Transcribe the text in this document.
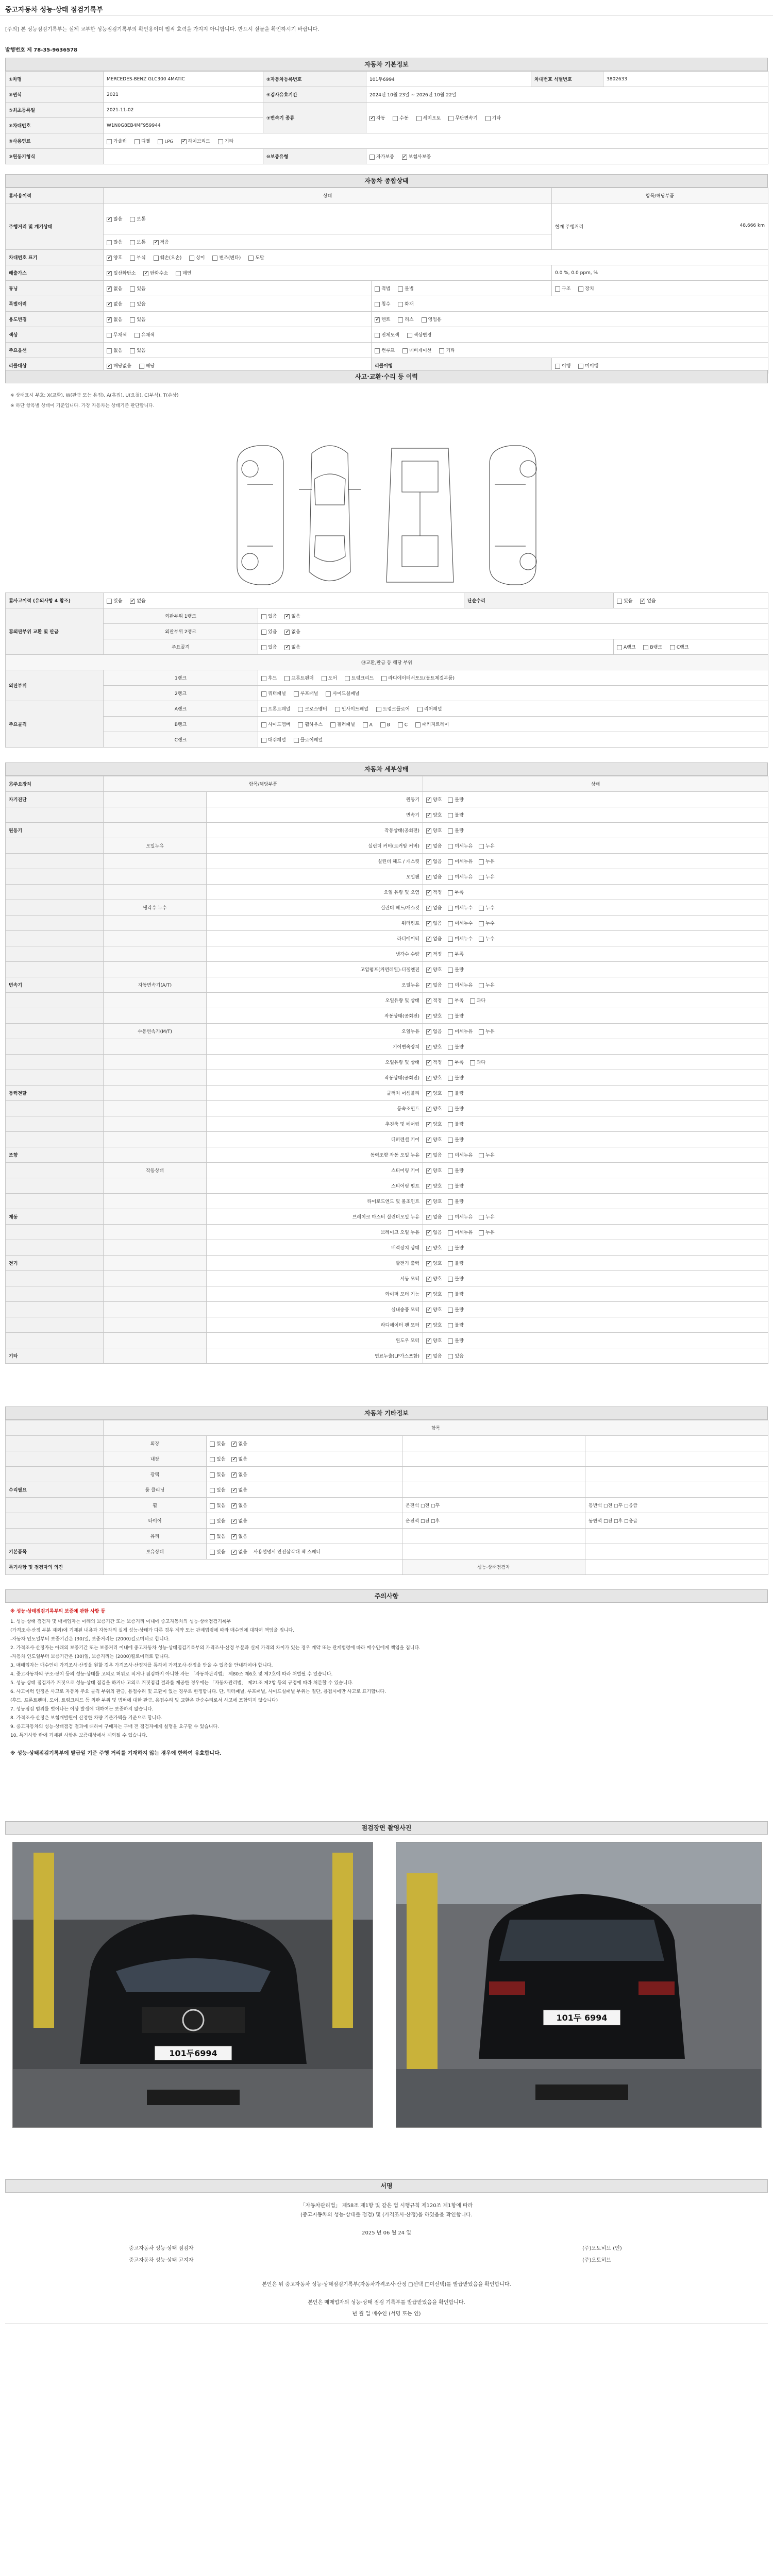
중고자동차 성능·상태 점검기록부
[주의] 본 성능점검기록부는 실제 교부한 성능점검기록부의 확인용이며 법적 효력을 가지지 아니합니다. 반드시 실물을 확인하시기 바랍니다.
발행번호 제 78-35-9636578
자동차 기본정보
①차명	MERCEDES-BENZ GLC300 4MATIC	②자동차등록번호	101두6994	차대번호 식별번호	3802633
③연식	2021	④검사유효기간	2024년 10월 23일 ~ 2026년 10월 22일		
⑤최초등록일	2021-11-02	⑦변속기 종류	✓자동 수동 세미오토 무단변속기 기타
⑥차대번호	W1N0G8EB4MF959944				
⑧사용연료	가솔린 디젤 LPG ✓ 하이브리드 기타
⑨원동기형식		⑩보증유형	자가보증 ✓ 보험사보증
자동차 종합상태
⑪사용이력	상태		항목/해당부품
주행거리 및 계기상태	✓많음 보통		현재 주행거리 48,666 km

	많음 보통 ✓ 적음
차대번호 표기	✓양호 부식 훼손(오손) 상이 변조(변타) 도말
배출가스	✓일산화탄소 ✓ 탄화수소 매연		0.0 %, 0.0 ppm, %
튜닝	✓없음 있음	적법 불법	구조 장치
특별이력	✓없음 있음	침수 화재	
용도변경	✓없음 있음	✓렌트 리스 영업용
색상	무채색 유채색	전체도색 색상변경	
주요옵션	없음 있음	썬루프 네비게이션 기타	
리콜대상	✓해당없음 해당	리콜이행	이행 미이행
사고·교환·수리 등 이력
※ 상태표시 부호: X(교환), W(판금 또는 용접), A(흠집), U(요철), C(부식), T(손상)
※ 하단 항목별 상태이 기준입니다. 가장 자동차는 상태기준 판단합니다.
⑫사고이력 (유의사항 4 참조)	있음 ✓ 없음		단순수리	있음 ✓ 없음
⑬외판부위 교환 및 판금	외판부위 1랭크	있음 ✓ 없음
	외판부위 2랭크	있음 ✓ 없음
	주요골격	있음 ✓ 없음		A랭크 B랭크 C랭크
⑭교환,판금 등 해당 부위				
외판부위	1랭크	후드 프론트펜더 도어 트렁크리드 라디에이터서포트(볼트체결부품)		
	2랭크	쿼터패널 루프패널 사이드실패널		
주요골격	A랭크	프론트패널 크로스멤버 인사이드패널 트렁크플로어 리어패널		
	B랭크	사이드멤버 휠하우스 필러패널 A B C 패키지트레이		
	C랭크	대쉬패널 플로어패널		
자동차 세부상태
⑮주요장치	항목/해당부품		상태
자기진단		원동기	✓양호 불량
		변속기	✓양호 불량
원동기		작동상태(공회전)	✓양호 불량
	오일누유	실린더 커버(로커암 커버)	✓없음 미세누유 누유
		실린더 헤드 / 개스킷	✓없음 미세누유 누유
		오일팬	✓없음 미세누유 누유
		오일 유량 및 오염	✓적정 부족
	냉각수 누수	실린더 헤드/개스킷	✓없음 미세누수 누수
		워터펌프	✓없음 미세누수 누수
		라디에이터	✓없음 미세누수 누수
		냉각수 수량	✓적정 부족
		고압펌프(커먼레일)-디젤엔진	✓양호 불량
변속기	자동변속기(A/T)	오일누유	✓없음 미세누유 누유
		오일유량 및 상태	✓적정 부족 과다
		작동상태(공회전)	✓양호 불량
	수동변속기(M/T)	오일누유	✓없음 미세누유 누유
		기어변속장치	✓양호 불량
		오일유량 및 상태	✓적정 부족 과다
		작동상태(공회전)	✓양호 불량
동력전달		클러치 어셈블리	✓양호 불량
		등속조인트	✓양호 불량
		추진축 및 베어링	✓양호 불량
		디퍼렌셜 기어	✓양호 불량
조향		동력조향 작동 오일 누유	✓없음 미세누유 누유
	작동상태	스티어링 기어	✓양호 불량
		스티어링 펌프	✓양호 불량
		타이로드엔드 및 볼조인트	✓양호 불량
제동		브레이크 마스터 실린더오일 누유	✓없음 미세누유 누유
		브레이크 오일 누유	✓없음 미세누유 누유
		배력장치 상태	✓양호 불량
전기		발전기 출력	✓양호 불량
		시동 모터	✓양호 불량
		와이퍼 모터 기능	✓양호 불량
		실내송풍 모터	✓양호 불량
		라디에이터 팬 모터	✓양호 불량
		윈도우 모터	✓양호 불량
기타		연료누출(LP가스포함)	✓없음 있음
자동차 기타정보
	항목			
	외장	있음 ✓ 없음		
	내장	있음 ✓ 없음		
	광택	있음 ✓ 없음		
수리필요	룸 클리닝	있음 ✓ 없음		
	휠	있음 ✓ 없음	운전석 □전 □후	동반석 □전 □후 □응급
	타이어	있음 ✓ 없음	운전석 □전 □후	동반석 □전 □후 □응급
	유리	있음 ✓ 없음		
기본품목	보유상태	있음 ✓ 없음 사용설명서 안전삼각대 잭 스패너		
특기사항 및 점검자의 의견			성능·상태점검자	
주의사항
※ 성능·상태점검기록부의 보증에 관한 사항 등
1. 성능·상태 점검자 및 매매업자는 아래의 보증기간 또는 보증거리 이내에 중고자동차의 성능·상태점검기록부
(가격조사·산정 부분 제외)에 기재된 내용과 자동차의 실제 성능·상태가 다른 경우 계약 또는 관계법령에 따라 매수인에 대하여 책임을 집니다.
-자동차 인도일부터 보증기간은 (30)일, 보증거리는 (2000)킬로미터로 합니다.
2. 가격조사·산정자는 아래의 보증기간 또는 보증거리 이내에 중고자동차 성능·상태점검기록부의 가격조사·산정 부분과 실제 가격의 차이가 있는 경우 계약 또는 관계법령에 따라 매수인에게 책임을 집니다.
-자동차 인도일부터 보증기간은 (30)일, 보증거리는 (2000)킬로미터로 합니다.
3. 매매업자는 매수인이 가격조사·산정을 원할 경우 가격조사·산정자를 통하여 가격조사·산정을 받을 수 있음을 안내하여야 합니다.
4. 중고자동차의 구조·장치 등의 성능·상태를 고의로 허위로 적거나 점검하지 아니한 자는 「자동차관리법」 제80조 제6호 및 제7호에 따라 처벌될 수 있습니다.
5. 성능·상태 점검자가 거짓으로 성능·상태 점검을 하거나 고의로 거짓점검 결과를 제공한 경우에는 「자동차관리법」 제21조 제2항 등의 규정에 따라 처분할 수 있습니다.
6. 사고이력 인정은 사고로 자동차 주요 골격 부위의 판금, 용접수리 및 교환이 있는 경우로 한정합니다. 단, 쿼터패널, 루프패널, 사이드실패널 부위는 절단, 용접시에만 사고로 표기합니다.
(후드, 프론트펜더, 도어, 트렁크리드 등 외판 부위 및 범퍼에 대한 판금, 용접수리 및 교환은 단순수리로서 사고에 포함되지 않습니다)
7. 성능점검 범위를 벗어나는 이상 발생에 대하여는 보증하지 않습니다.
8. 가격조사·산정은 보험개발원이 산정한 차량 기준가액을 기준으로 합니다.
9. 중고자동차의 성능·상태점검 결과에 대하여 구매자는 구매 전 점검자에게 설명을 요구할 수 있습니다.
10. 특기사항 란에 기재된 사항은 보증대상에서 제외될 수 있습니다.
※ 성능·상태점검기록부에 발급일 기준 주행 거리를 기재하지 않는 경우에 한하여 유효합니다.
점검장면 촬영사진
101두6994
101두 6994
서명
「자동차관리법」 제58조 제1항 및 같은 법 시행규칙 제120조 제1항에 따라
(중고자동차의 성능·상태를 점검) 및 (가격조사·산정)을 하였음을 확인합니다.
2025 년 06 월 24 일
중고자동차 성능·상태 점검자	(주)오토허브 (인)
중고자동차 성능·상태 고지자	(주)오토허브
본인은 위 중고자동차 성능·상태점검기록부(자동차가격조사·산정 □선택 □미선택)를 발급받았음을 확인합니다.
본인은 매매업자의 성능·상태 점검 기록부를 발급받았음을 확인합니다.
년 월 일 매수인 (서명 또는 인)
